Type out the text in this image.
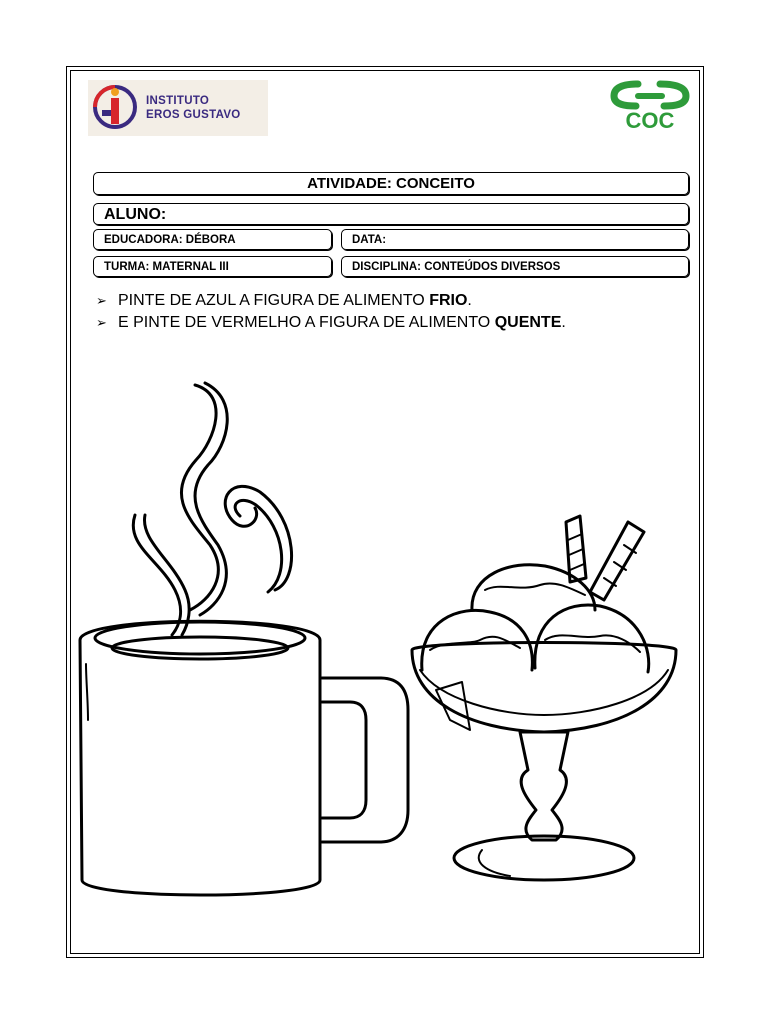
INSTITUTO
EROS GUSTAVO	COC
ATIVIDADE: CONCEITO
ALUNO:
EDUCADORA: DÉBORA	DATA:
TURMA: MATERNAL III	DISCIPLINA: CONTEÚDOS DIVERSOS
➢ PINTE DE AZUL A FIGURA DE ALIMENTO FRIO.
➢ E PINTE DE VERMELHO A FIGURA DE ALIMENTO QUENTE.
